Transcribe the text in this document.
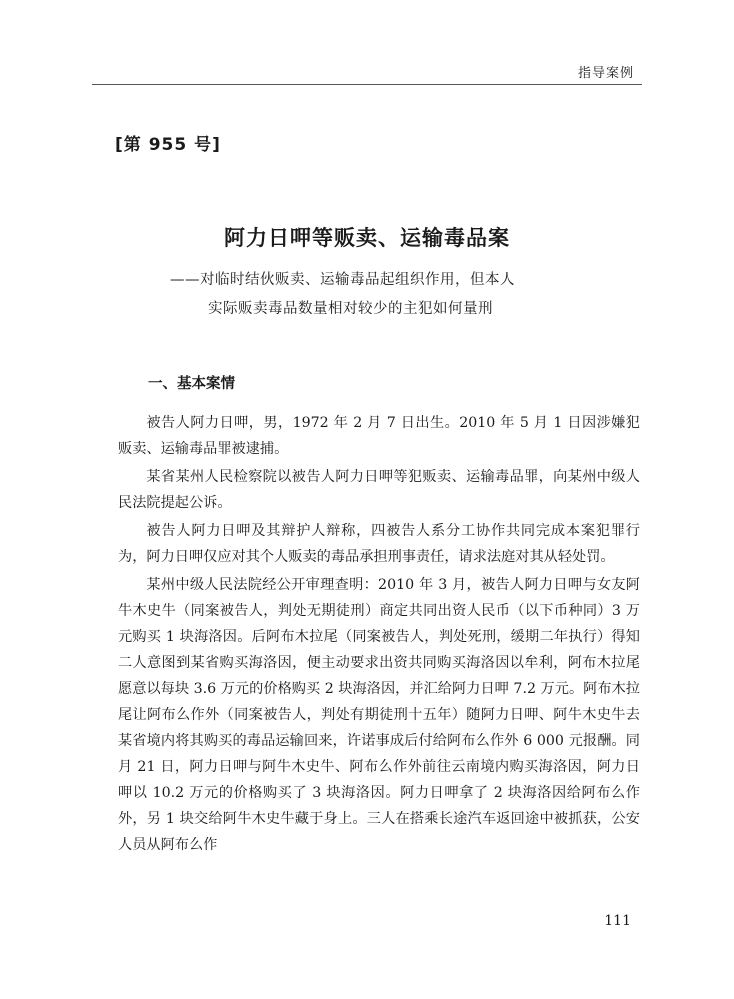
指导案例
[第 955 号]
阿力日呷等贩卖、运输毒品案
——对临时结伙贩卖、运输毒品起组织作用，但本人
实际贩卖毒品数量相对较少的主犯如何量刑
一、基本案情

被告人阿力日呷，男，1972 年 2 月 7 日出生。2010 年 5 月 1 日因涉嫌犯贩卖、运输毒品罪被逮捕。

某省某州人民检察院以被告人阿力日呷等犯贩卖、运输毒品罪，向某州中级人民法院提起公诉。

被告人阿力日呷及其辩护人辩称，四被告人系分工协作共同完成本案犯罪行为，阿力日呷仅应对其个人贩卖的毒品承担刑事责任，请求法庭对其从轻处罚。

某州中级人民法院经公开审理查明：2010 年 3 月，被告人阿力日呷与女友阿牛木史牛（同案被告人，判处无期徒刑）商定共同出资人民币（以下币种同）3 万元购买 1 块海洛因。后阿布木拉尾（同案被告人，判处死刑，缓期二年执行）得知二人意图到某省购买海洛因，便主动要求出资共同购买海洛因以牟利，阿布木拉尾愿意以每块 3.6 万元的价格购买 2 块海洛因，并汇给阿力日呷 7.2 万元。阿布木拉尾让阿布么作外（同案被告人，判处有期徒刑十五年）随阿力日呷、阿牛木史牛去某省境内将其购买的毒品运输回来，许诺事成后付给阿布么作外 6 000 元报酬。同月 21 日，阿力日呷与阿牛木史牛、阿布么作外前往云南境内购买海洛因，阿力日呷以 10.2 万元的价格购买了 3 块海洛因。阿力日呷拿了 2 块海洛因给阿布么作外，另 1 块交给阿牛木史牛藏于身上。三人在搭乘长途汽车返回途中被抓获，公安人员从阿布么作

111
